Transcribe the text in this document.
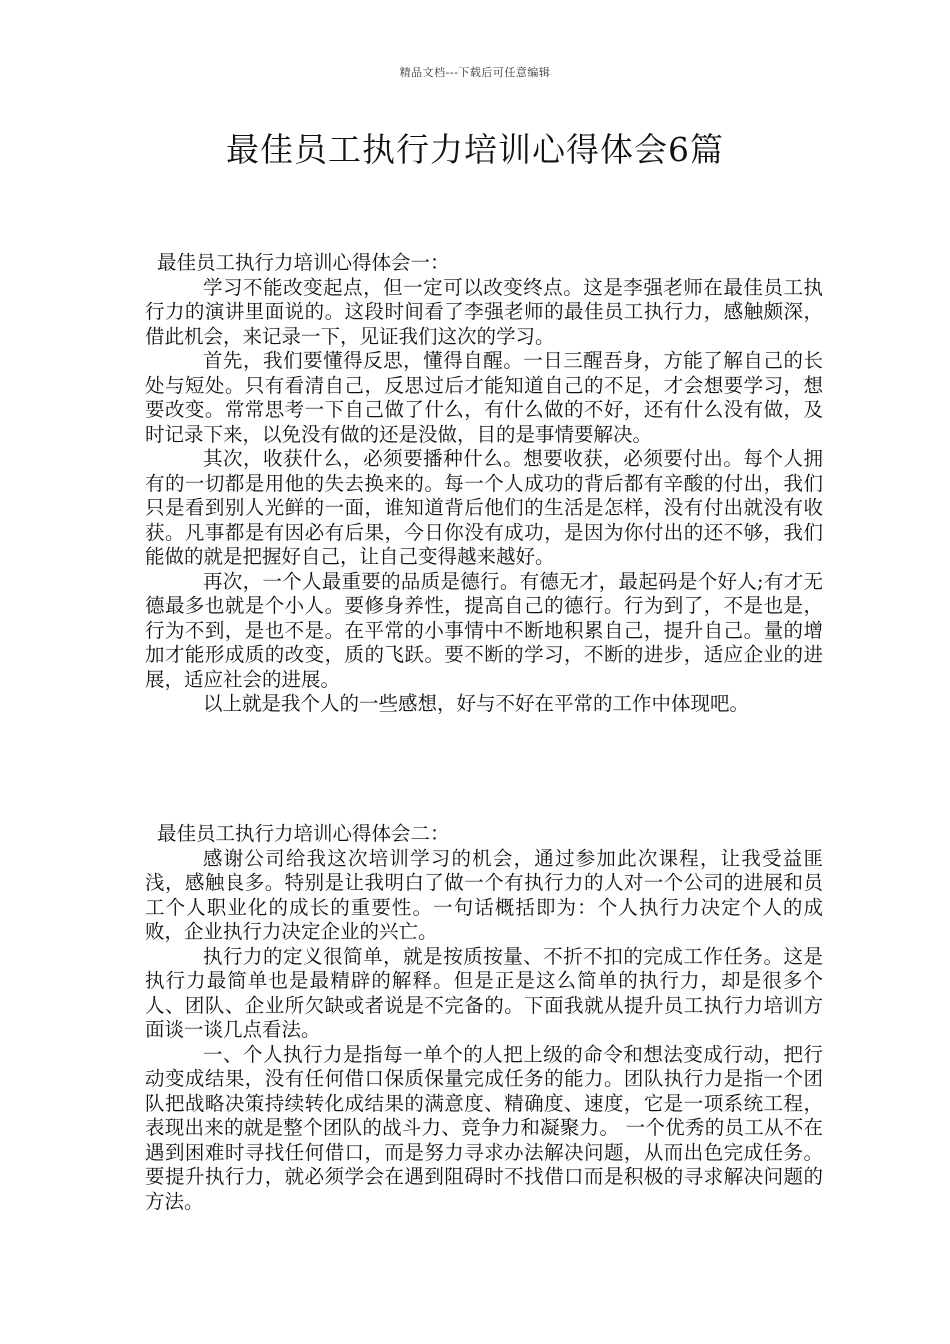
精品文档---下载后可任意编辑
最佳员工执行力培训心得体会6篇
最佳员工执行力培训心得体会一：

学习不能改变起点，但一定可以改变终点。这是李强老师在最佳员工执行力的演讲里面说的。这段时间看了李强老师的最佳员工执行力，感触颇深，借此机会，来记录一下，见证我们这次的学习。

首先，我们要懂得反思，懂得自醒。一日三醒吾身，方能了解自己的长处与短处。只有看清自己，反思过后才能知道自己的不足，才会想要学习，想要改变。常常思考一下自己做了什么，有什么做的不好，还有什么没有做，及时记录下来，以免没有做的还是没做，目的是事情要解决。

其次，收获什么，必须要播种什么。想要收获，必须要付出。每个人拥有的一切都是用他的失去换来的。每一个人成功的背后都有辛酸的付出，我们只是看到别人光鲜的一面，谁知道背后他们的生活是怎样，没有付出就没有收获。凡事都是有因必有后果，今日你没有成功，是因为你付出的还不够，我们能做的就是把握好自己，让自己变得越来越好。

再次，一个人最重要的品质是德行。有德无才，最起码是个好人;有才无德最多也就是个小人。要修身养性，提高自己的德行。行为到了，不是也是，行为不到，是也不是。在平常的小事情中不断地积累自己，提升自己。量的增加才能形成质的改变，质的飞跃。要不断的学习，不断的进步，适应企业的进展，适应社会的进展。

以上就是我个人的一些感想，好与不好在平常的工作中体现吧。

最佳员工执行力培训心得体会二：

感谢公司给我这次培训学习的机会，通过参加此次课程，让我受益匪浅，感触良多。特别是让我明白了做一个有执行力的人对一个公司的进展和员工个人职业化的成长的重要性。一句话概括即为：个人执行力决定个人的成败，企业执行力决定企业的兴亡。

执行力的定义很简单，就是按质按量、不折不扣的完成工作任务。这是执行力最简单也是最精辟的解释。但是正是这么简单的执行力，却是很多个人、团队、企业所欠缺或者说是不完备的。下面我就从提升员工执行力培训方面谈一谈几点看法。

一、个人执行力是指每一单个的人把上级的命令和想法变成行动，把行动变成结果，没有任何借口保质保量完成任务的能力。团队执行力是指一个团队把战略决策持续转化成结果的满意度、精确度、速度，它是一项系统工程，表现出来的就是整个团队的战斗力、竞争力和凝聚力。 一个优秀的员工从不在遇到困难时寻找任何借口，而是努力寻求办法解决问题，从而出色完成任务。要提升执行力，就必须学会在遇到阻碍时不找借口而是积极的寻求解决问题的方法。
